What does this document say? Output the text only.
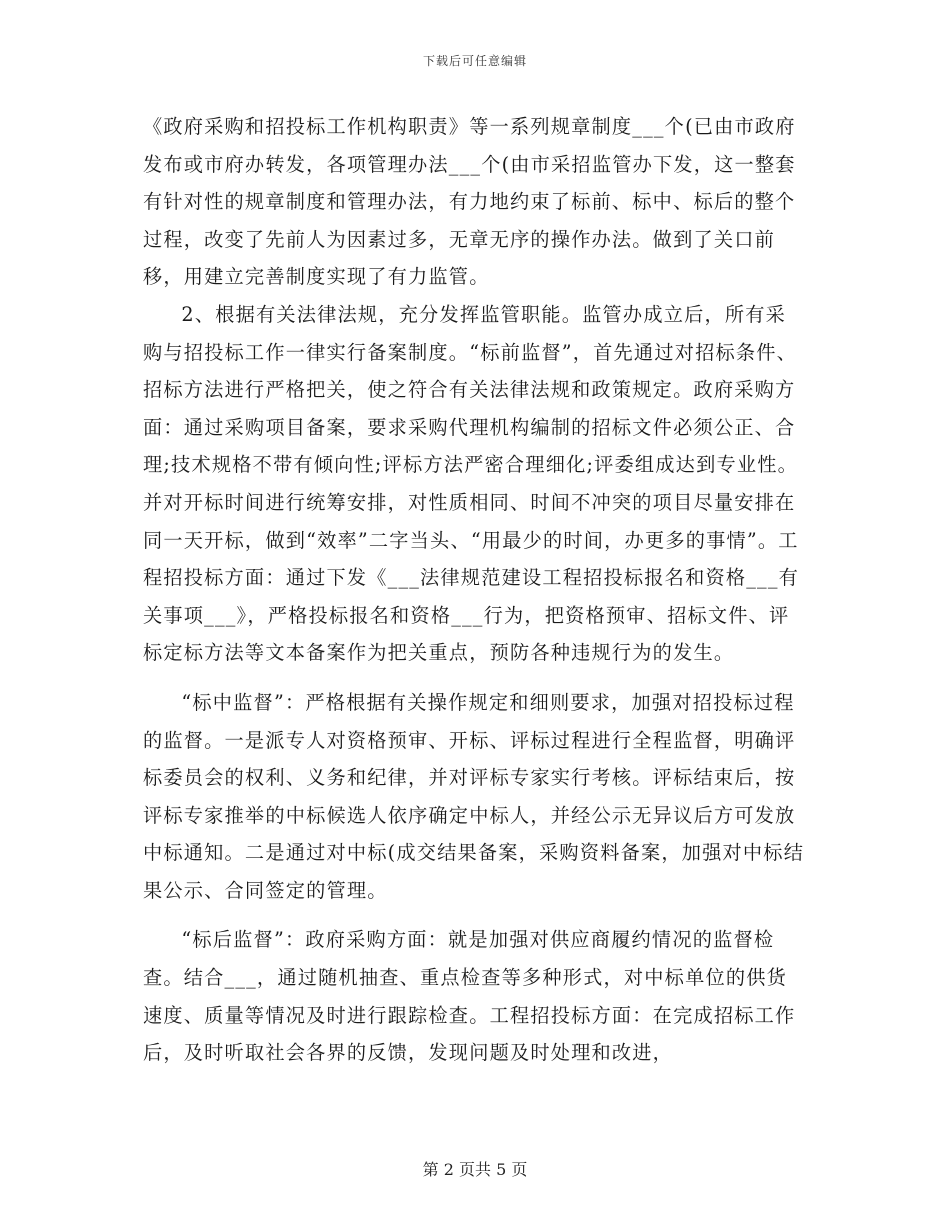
下载后可任意编辑

《政府采购和招投标工作机构职责》等一系列规章制度___个(已由市政府发布或市府办转发，各项管理办法___个(由市采招监管办下发，这一整套有针对性的规章制度和管理办法，有力地约束了标前、标中、标后的整个过程，改变了先前人为因素过多，无章无序的操作办法。做到了关口前移，用建立完善制度实现了有力监管。

2、根据有关法律法规，充分发挥监管职能。监管办成立后，所有采购与招投标工作一律实行备案制度。“标前监督”，首先通过对招标条件、招标方法进行严格把关，使之符合有关法律法规和政策规定。政府采购方面：通过采购项目备案，要求采购代理机构编制的招标文件必须公正、合理;技术规格不带有倾向性;评标方法严密合理细化;评委组成达到专业性。并对开标时间进行统筹安排，对性质相同、时间不冲突的项目尽量安排在同一天开标，做到“效率”二字当头、“用最少的时间，办更多的事情”。工程招投标方面：通过下发《___法律规范建设工程招投标报名和资格___有关事项___》，严格投标报名和资格___行为，把资格预审、招标文件、评标定标方法等文本备案作为把关重点，预防各种违规行为的发生。

“标中监督”：严格根据有关操作规定和细则要求，加强对招投标过程的监督。一是派专人对资格预审、开标、评标过程进行全程监督，明确评标委员会的权利、义务和纪律，并对评标专家实行考核。评标结束后，按评标专家推举的中标候选人依序确定中标人，并经公示无异议后方可发放中标通知。二是通过对中标(成交结果备案，采购资料备案，加强对中标结果公示、合同签定的管理。

“标后监督”：政府采购方面：就是加强对供应商履约情况的监督检查。结合___，通过随机抽查、重点检查等多种形式，对中标单位的供货速度、质量等情况及时进行跟踪检查。工程招投标方面：在完成招标工作后，及时听取社会各界的反馈，发现问题及时处理和改进，

第 2 页共 5 页
